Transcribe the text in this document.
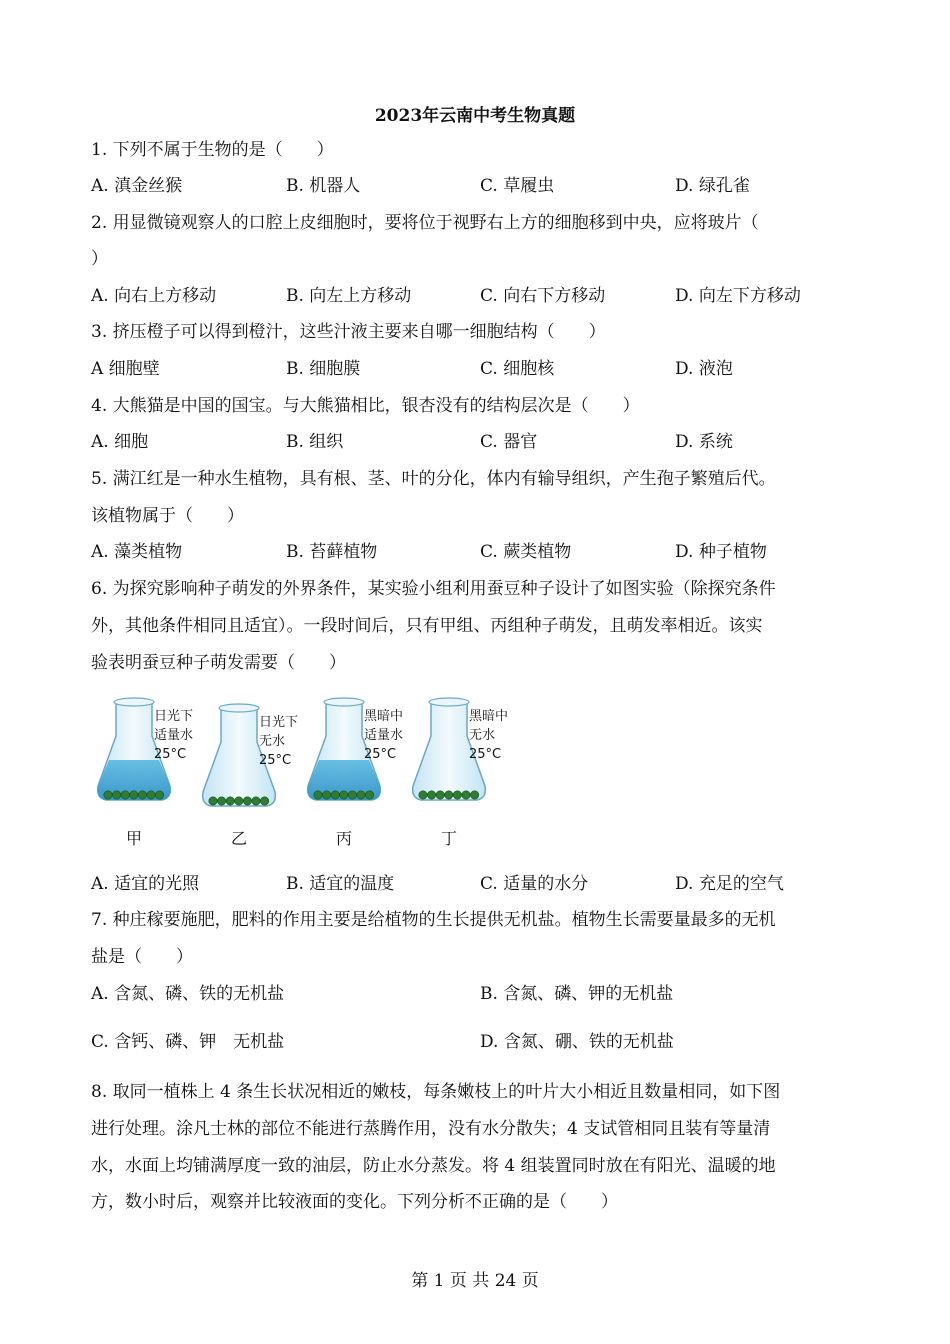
2023年云南中考生物真题
1. 下列不属于生物的是（　　）
A. 滇金丝猴	B. 机器人	C. 草履虫	D. 绿孔雀
2. 用显微镜观察人的口腔上皮细胞时，要将位于视野右上方的细胞移到中央，应将玻片（
）
A. 向右上方移动	B. 向左上方移动	C. 向右下方移动	D. 向左下方移动
3. 挤压橙子可以得到橙汁，这些汁液主要来自哪一细胞结构（　　）
A 细胞壁	B. 细胞膜	C. 细胞核	D. 液泡
4. 大熊猫是中国的国宝。与大熊猫相比，银杏没有的结构层次是（　　）
A. 细胞	B. 组织	C. 器官	D. 系统
5. 满江红是一种水生植物，具有根、茎、叶的分化，体内有输导组织，产生孢子繁殖后代。
该植物属于（　　）
A. 藻类植物	B. 苔藓植物	C. 蕨类植物	D. 种子植物
6. 为探究影响种子萌发的外界条件，某实验小组利用蚕豆种子设计了如图实验（除探究条件
外，其他条件相同且适宜）。一段时间后，只有甲组、丙组种子萌发，且萌发率相近。该实
验表明蚕豆种子萌发需要（　　）
日光下
适量水
25°C
甲
日光下
无水
25°C
乙
黑暗中
适量水
25°C
丙
黑暗中
无水
25°C
丁
A. 适宜的光照	B. 适宜的温度	C. 适量的水分	D. 充足的空气
7. 种庄稼要施肥，肥料的作用主要是给植物的生长提供无机盐。植物生长需要量最多的无机
盐是（　　）
A. 含氮、磷、铁的无机盐	B. 含氮、磷、钾的无机盐
C. 含钙、磷、钾　无机盐	D. 含氮、硼、铁的无机盐
8. 取同一植株上 4 条生长状况相近的嫩枝，每条嫩枝上的叶片大小相近且数量相同，如下图
进行处理。涂凡士林的部位不能进行蒸腾作用，没有水分散失；4 支试管相同且装有等量清
水，水面上均铺满厚度一致的油层，防止水分蒸发。将 4 组装置同时放在有阳光、温暖的地
方，数小时后，观察并比较液面的变化。下列分析不正确的是（　　）
第 1 页 共 24 页
